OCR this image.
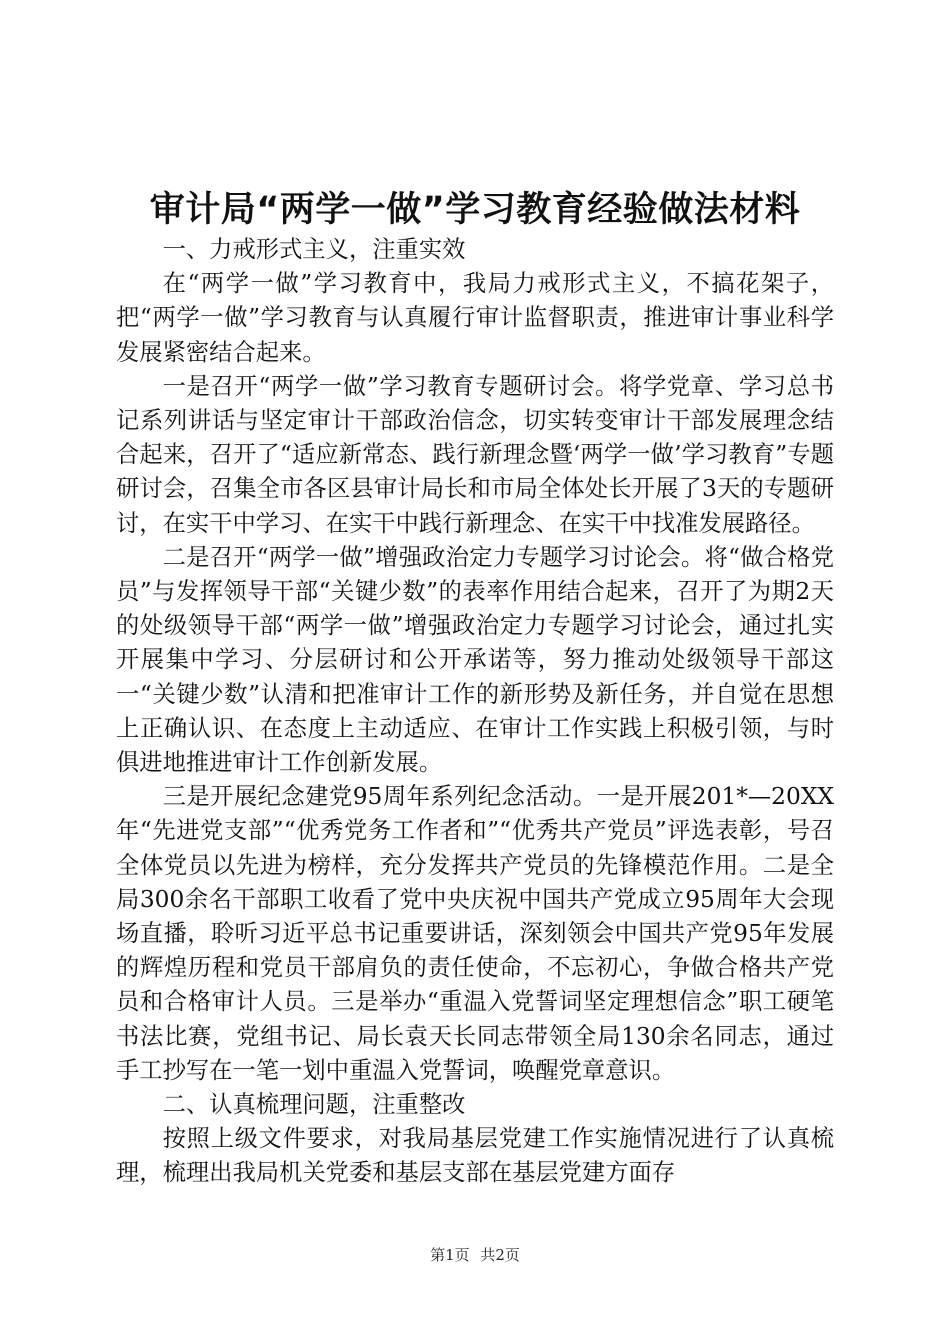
审计局“两学一做”学习教育经验做法材料

一、力戒形式主义，注重实效

在“两学一做”学习教育中，我局力戒形式主义，不搞花架子，把“两学一做”学习教育与认真履行审计监督职责，推进审计事业科学发展紧密结合起来。

一是召开“两学一做”学习教育专题研讨会。将学党章、学习总书记系列讲话与坚定审计干部政治信念，切实转变审计干部发展理念结合起来，召开了“适应新常态、践行新理念暨‘两学一做’学习教育”专题研讨会，召集全市各区县审计局长和市局全体处长开展了3天的专题研讨，在实干中学习、在实干中践行新理念、在实干中找准发展路径。

二是召开“两学一做”增强政治定力专题学习讨论会。将“做合格党员”与发挥领导干部“关键少数”的表率作用结合起来，召开了为期2天的处级领导干部“两学一做”增强政治定力专题学习讨论会，通过扎实开展集中学习、分层研讨和公开承诺等，努力推动处级领导干部这一“关键少数”认清和把准审计工作的新形势及新任务，并自觉在思想上正确认识、在态度上主动适应、在审计工作实践上积极引领，与时俱进地推进审计工作创新发展。

三是开展纪念建党95周年系列纪念活动。一是开展201*—20XX年“先进党支部”“优秀党务工作者和”“优秀共产党员”评选表彰，号召全体党员以先进为榜样，充分发挥共产党员的先锋模范作用。二是全局300余名干部职工收看了党中央庆祝中国共产党成立95周年大会现场直播，聆听习近平总书记重要讲话，深刻领会中国共产党95年发展的辉煌历程和党员干部肩负的责任使命，不忘初心，争做合格共产党员和合格审计人员。三是举办“重温入党誓词坚定理想信念”职工硬笔书法比赛，党组书记、局长袁天长同志带领全局130余名同志，通过手工抄写在一笔一划中重温入党誓词，唤醒党章意识。

二、认真梳理问题，注重整改

按照上级文件要求，对我局基层党建工作实施情况进行了认真梳理，梳理出我局机关党委和基层支部在基层党建方面存

第1页 共2页
